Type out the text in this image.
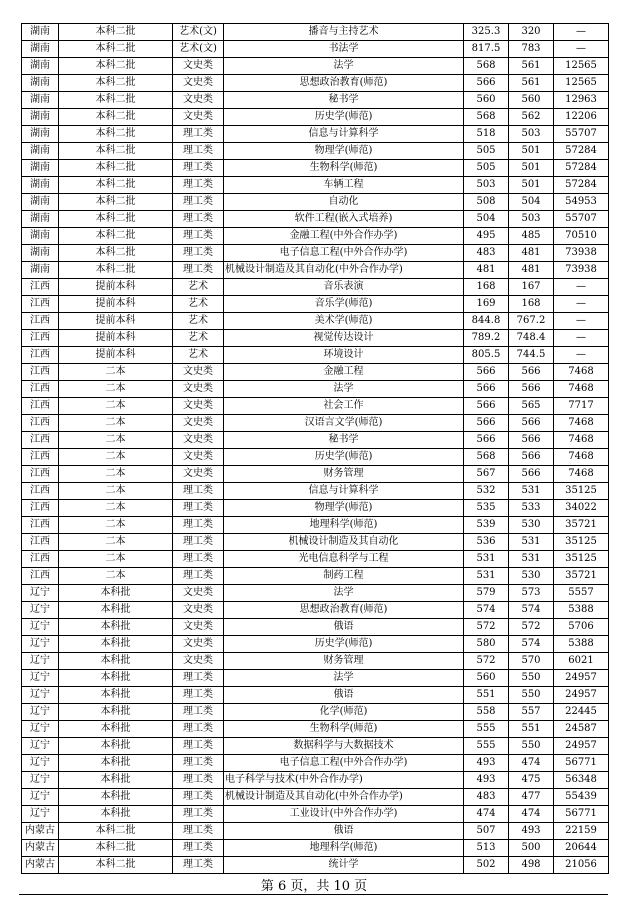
湖南	本科二批	艺术(文)	播音与主持艺术	325.3	320	—
湖南	本科二批	艺术(文)	书法学	817.5	783	—
湖南	本科二批	文史类	法学	568	561	12565
湖南	本科二批	文史类	思想政治教育(师范)	566	561	12565
湖南	本科二批	文史类	秘书学	560	560	12963
湖南	本科二批	文史类	历史学(师范)	568	562	12206
湖南	本科二批	理工类	信息与计算科学	518	503	55707
湖南	本科二批	理工类	物理学(师范)	505	501	57284
湖南	本科二批	理工类	生物科学(师范)	505	501	57284
湖南	本科二批	理工类	车辆工程	503	501	57284
湖南	本科二批	理工类	自动化	508	504	54953
湖南	本科二批	理工类	软件工程(嵌入式培养)	504	503	55707
湖南	本科二批	理工类	金融工程(中外合作办学)	495	485	70510
湖南	本科二批	理工类	电子信息工程(中外合作办学)	483	481	73938
湖南	本科二批	理工类	机械设计制造及其自动化(中外合作办学)	481	481	73938
江西	提前本科	艺术	音乐表演	168	167	—
江西	提前本科	艺术	音乐学(师范)	169	168	—
江西	提前本科	艺术	美术学(师范)	844.8	767.2	—
江西	提前本科	艺术	视觉传达设计	789.2	748.4	—
江西	提前本科	艺术	环境设计	805.5	744.5	—
江西	二本	文史类	金融工程	566	566	7468
江西	二本	文史类	法学	566	566	7468
江西	二本	文史类	社会工作	566	565	7717
江西	二本	文史类	汉语言文学(师范)	566	566	7468
江西	二本	文史类	秘书学	566	566	7468
江西	二本	文史类	历史学(师范)	568	566	7468
江西	二本	文史类	财务管理	567	566	7468
江西	二本	理工类	信息与计算科学	532	531	35125
江西	二本	理工类	物理学(师范)	535	533	34022
江西	二本	理工类	地理科学(师范)	539	530	35721
江西	二本	理工类	机械设计制造及其自动化	536	531	35125
江西	二本	理工类	光电信息科学与工程	531	531	35125
江西	二本	理工类	制药工程	531	530	35721
辽宁	本科批	文史类	法学	579	573	5557
辽宁	本科批	文史类	思想政治教育(师范)	574	574	5388
辽宁	本科批	文史类	俄语	572	572	5706
辽宁	本科批	文史类	历史学(师范)	580	574	5388
辽宁	本科批	文史类	财务管理	572	570	6021
辽宁	本科批	理工类	法学	560	550	24957
辽宁	本科批	理工类	俄语	551	550	24957
辽宁	本科批	理工类	化学(师范)	558	557	22445
辽宁	本科批	理工类	生物科学(师范)	555	551	24587
辽宁	本科批	理工类	数据科学与大数据技术	555	550	24957
辽宁	本科批	理工类	电子信息工程(中外合作办学)	493	474	56771
辽宁	本科批	理工类	电子科学与技术(中外合作办学)	493	475	56348
辽宁	本科批	理工类	机械设计制造及其自动化(中外合作办学)	483	477	55439
辽宁	本科批	理工类	工业设计(中外合作办学)	474	474	56771
内蒙古	本科二批	理工类	俄语	507	493	22159
内蒙古	本科二批	理工类	地理科学(师范)	513	500	20644
内蒙古	本科二批	理工类	统计学	502	498	21056
第 6 页，共 10 页
